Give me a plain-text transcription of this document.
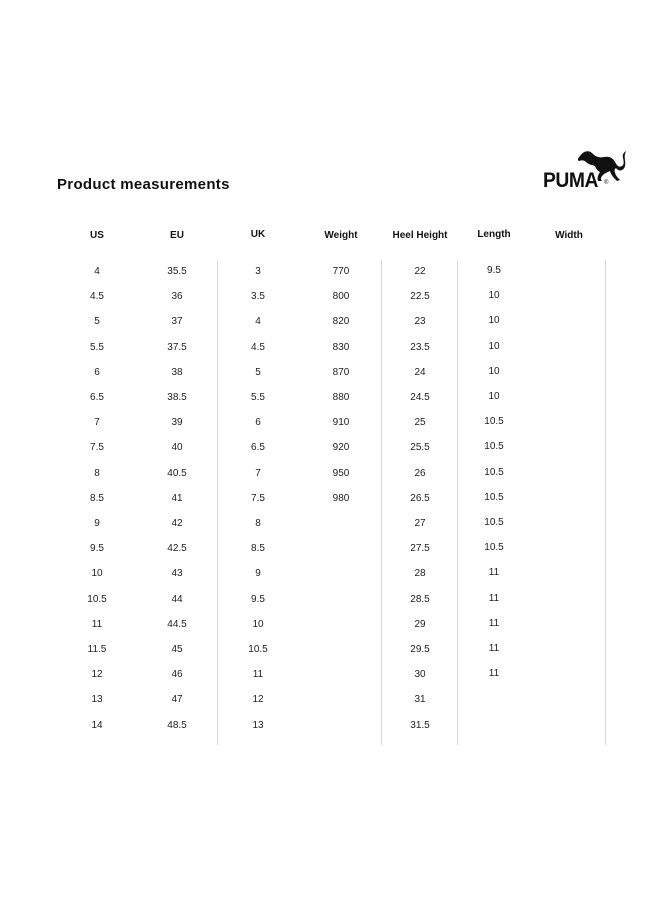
Product measurements	PUMA ®
US
4
4.5
5
5.5
6
6.5
7
7.5
8
8.5
9
9.5
10
10.5
11
11.5
12
13
14
EU
35.5
36
37
37.5
38
38.5
39
40
40.5
41
42
42.5
43
44
44.5
45
46
47
48.5
UK
3
3.5
4
4.5
5
5.5
6
6.5
7
7.5
8
8.5
9
9.5
10
10.5
11
12
13
Weight
770
800
820
830
870
880
910
920
950
980
Heel Height
22
22.5
23
23.5
24
24.5
25
25.5
26
26.5
27
27.5
28
28.5
29
29.5
30
31
31.5
Length
9.5
10
10
10
10
10
10.5
10.5
10.5
10.5
10.5
10.5
11
11
11
11
11
Width
